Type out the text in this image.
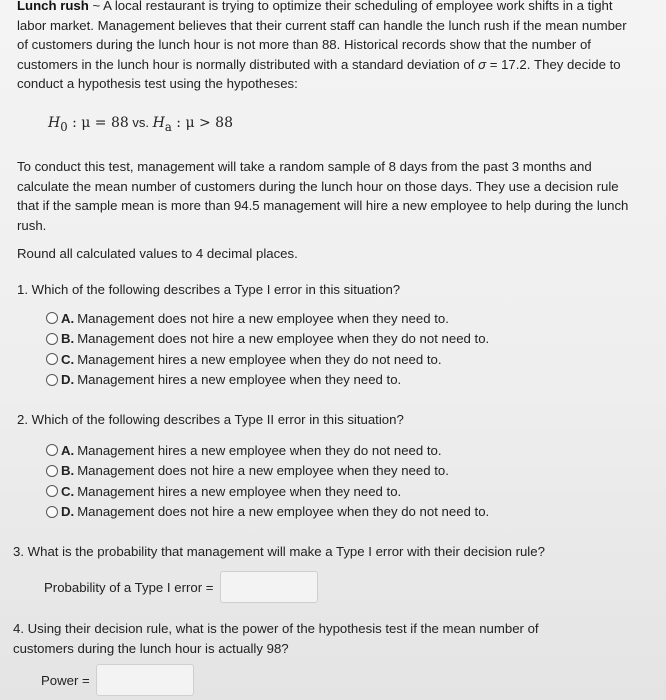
Lunch rush ~ A local restaurant is trying to optimize their scheduling of employee work shifts in a tight labor market. Management believes that their current staff can handle the lunch rush if the mean number of customers during the lunch hour is not more than 88. Historical records show that the number of customers in the lunch hour is normally distributed with a standard deviation of σ = 17.2. They decide to conduct a hypothesis test using the hypotheses:
$H_0$ : μ = 88 vs. $H_a$ : μ > 88
To conduct this test, management will take a random sample of 8 days from the past 3 months and calculate the mean number of customers during the lunch hour on those days. They use a decision rule that if the sample mean is more than 94.5 management will hire a new employee to help during the lunch rush.
Round all calculated values to 4 decimal places.
1. Which of the following describes a Type I error in this situation?
A. Management does not hire a new employee when they need to.
B. Management does not hire a new employee when they do not need to.
C. Management hires a new employee when they do not need to.
D. Management hires a new employee when they need to.
2. Which of the following describes a Type II error in this situation?
A. Management hires a new employee when they do not need to.
B. Management does not hire a new employee when they need to.
C. Management hires a new employee when they need to.
D. Management does not hire a new employee when they do not need to.
3. What is the probability that management will make a Type I error with their decision rule?
Probability of a Type I error =
4. Using their decision rule, what is the power of the hypothesis test if the mean number of customers during the lunch hour is actually 98?
Power =
